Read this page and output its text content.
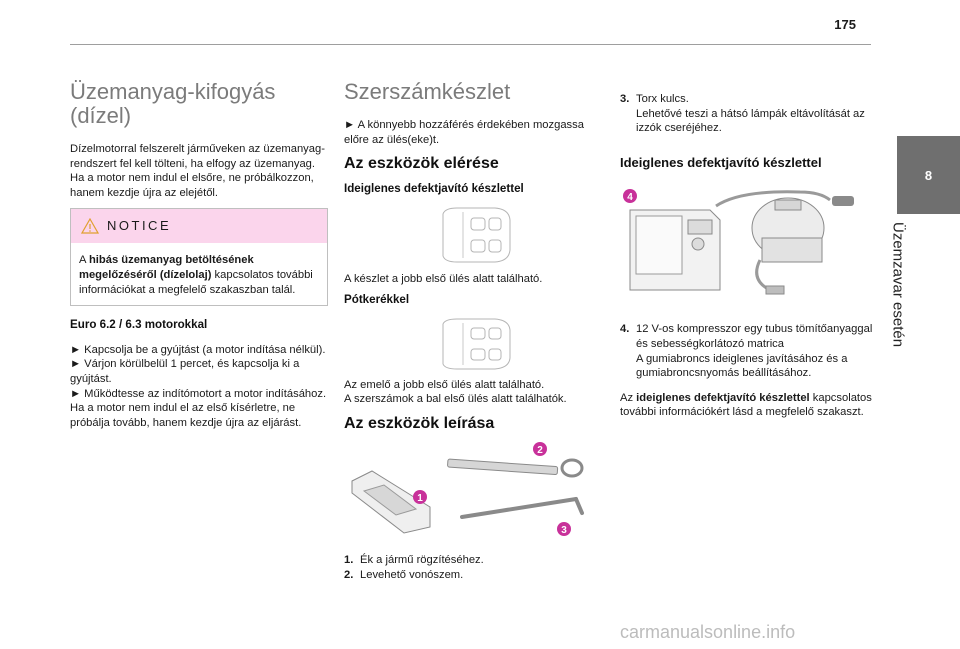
175
8
Üzemzavar esetén
Üzemanyag-kifogyás (dízel)

Dízelmotorral felszerelt járműveken az üzemanyag-rendszert fel kell tölteni, ha elfogy az üzemanyag.

Ha a motor nem indul el elsőre, ne próbálkozzon, hanem kezdje újra az elejétől.

NOTICE
A hibás üzemanyag betöltésének megelőzéséről (dízelolaj) kapcsolatos további információkat a megfelelő szakaszban talál.
Euro 6.2 / 6.3 motorokkal

► Kapcsolja be a gyújtást (a motor indítása nélkül).

► Várjon körülbelül 1 percet, és kapcsolja ki a gyújtást.

► Működtesse az indítómotort a motor indításához.

Ha a motor nem indul el az első kísérletre, ne próbálja tovább, hanem kezdje újra az eljárást.

Szerszámkészlet

► A könnyebb hozzáférés érdekében mozgassa előre az ülés(eke)t.

Az eszközök elérése
Ideiglenes defektjavító készlettel

A készlet a jobb első ülés alatt található.

Pótkerékkel

Az emelő a jobb első ülés alatt található.

A szerszámok a bal első ülés alatt találhatók.

Az eszközök leírása
1
2
3
1. Ék a jármű rögzítéséhez.
2. Levehető vonószem.
3. Torx kulcs.
Lehetővé teszi a hátsó lámpák eltávolítását az izzók cseréjéhez.
Ideiglenes defektjavító készlettel
4
4. 12 V-os kompresszor egy tubus tömítőanyaggal és sebességkorlátozó matrica
A gumiabroncs ideiglenes javításához és a gumiabroncsnyomás beállításához.

Az ideiglenes defektjavító készlettel kapcsolatos további információkért lásd a megfelelő szakaszt.

carmanualsonline.info
